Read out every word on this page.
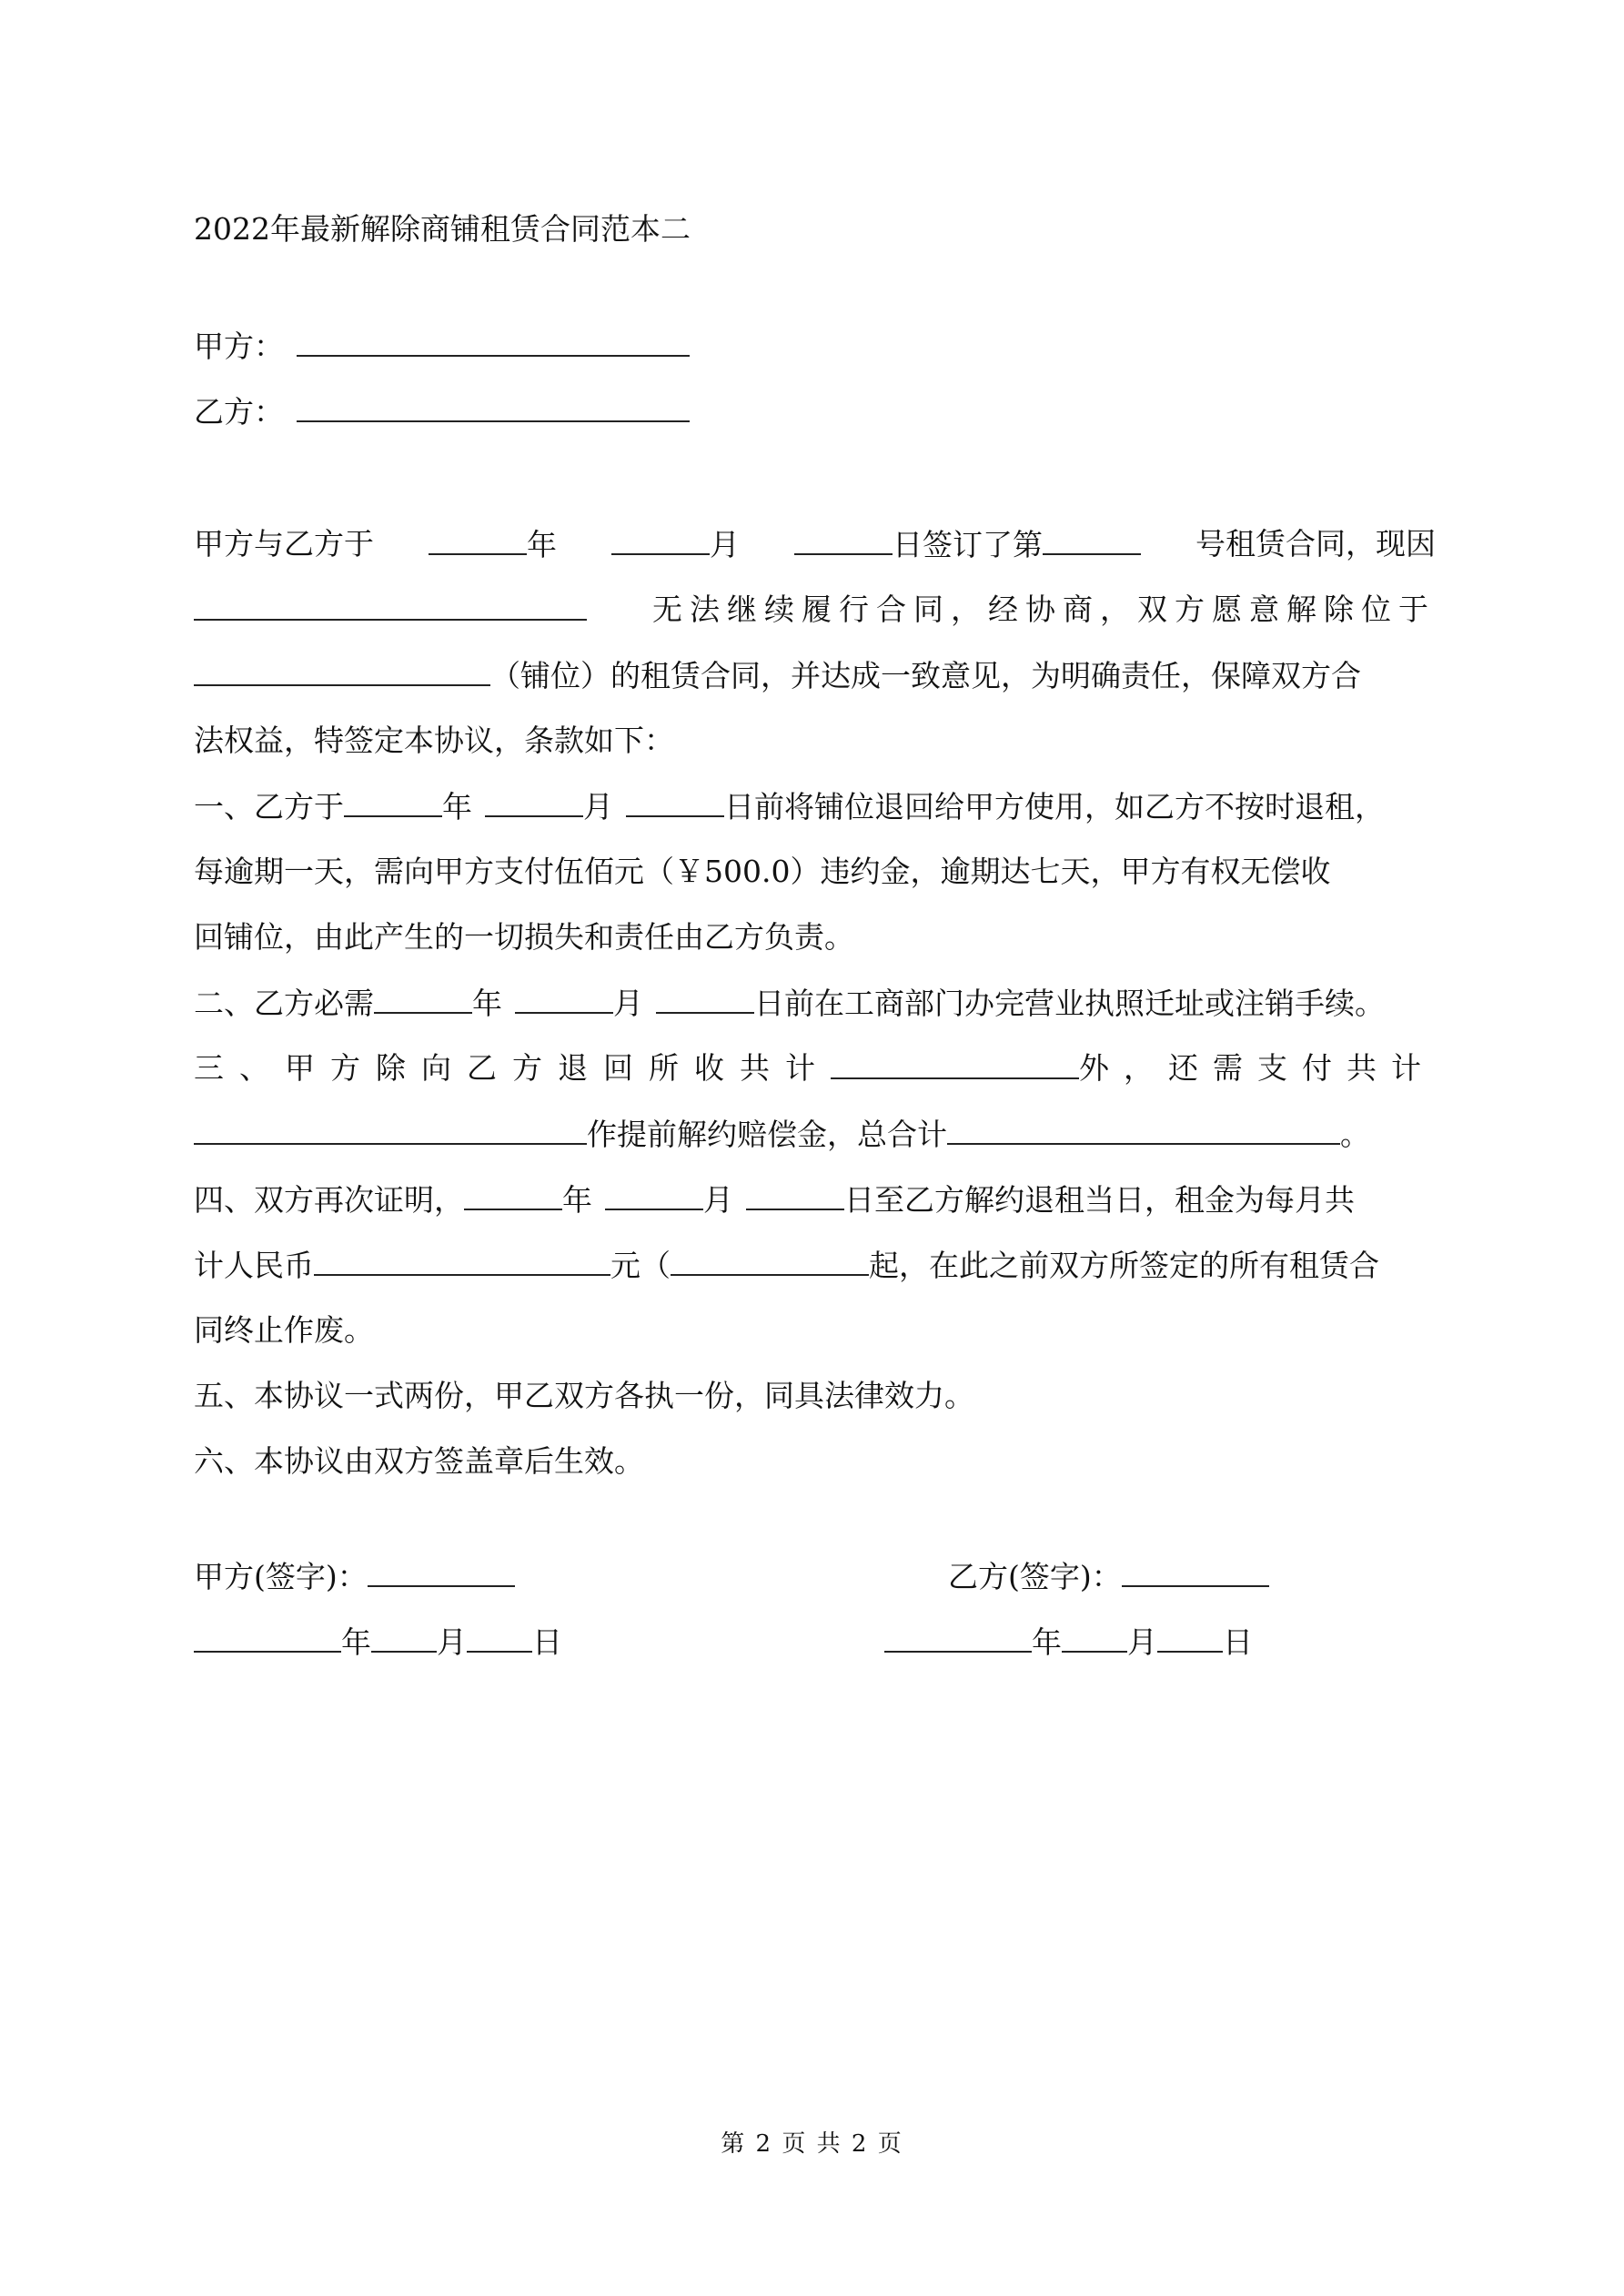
2022年最新解除商铺租赁合同范本二
甲方：
乙方：
甲方与乙方于	年	月	日签订了第	号租赁合同，现因
无法继续履行合同，经协商，双方愿意解除位于
（铺位）的租赁合同，并达成一致意见，为明确责任，保障双方合
法权益，特签定本协议，条款如下：
一、乙方于	年	月	日前将铺位退回给甲方使用，如乙方不按时退租，
每逾期一天，需向甲方支付伍佰元（￥500.0）违约金，逾期达七天，甲方有权无偿收
回铺位，由此产生的一切损失和责任由乙方负责。
二、乙方必需	年	月	日前在工商部门办完营业执照迁址或注销手续。
三、甲方除向乙方退回所收共计	外，还需支付共计
作提前解约赔偿金，总合计	。
四、双方再次证明，	年	月	日至乙方解约退租当日，租金为每月共
计人民币	元（	起，在此之前双方所签定的所有租赁合
同终止作废。
五、本协议一式两份，甲乙双方各执一份，同具法律效力。
六、本协议由双方签盖章后生效。
甲方(签字)：	乙方(签字)：
年 月 日	年 月 日
第 2 页 共 2 页
